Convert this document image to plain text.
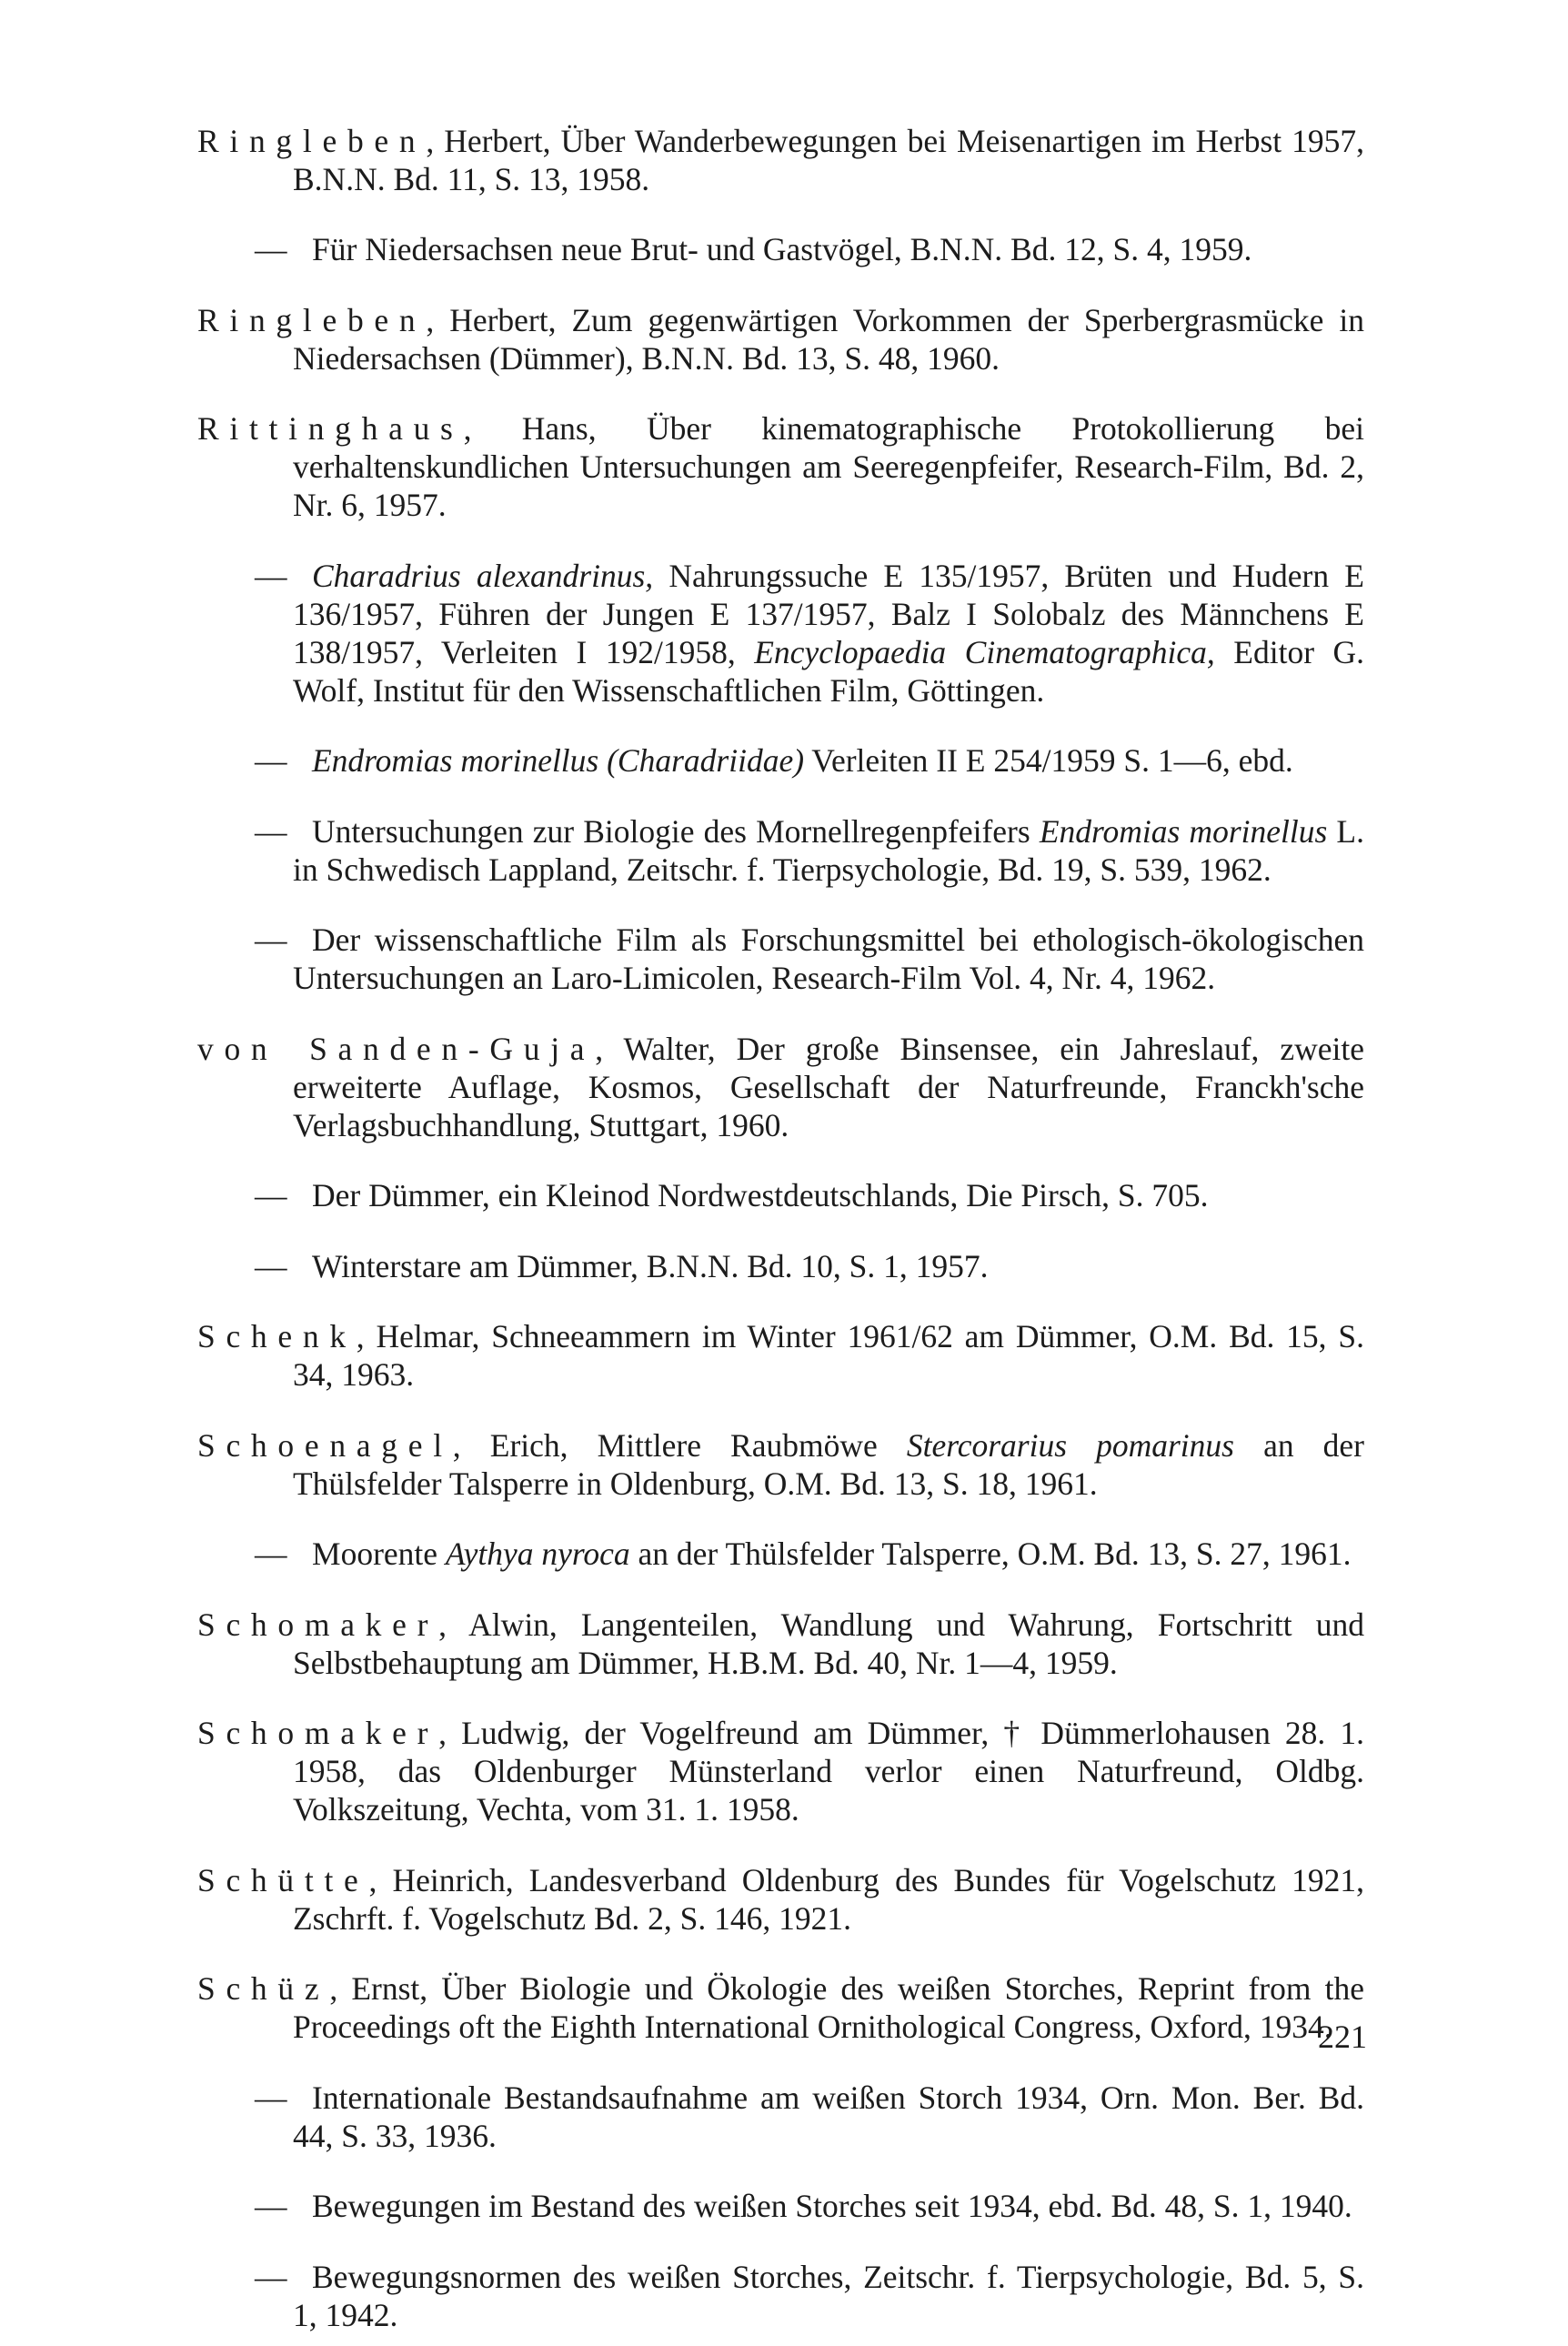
Ringleben, Herbert, Über Wanderbewegungen bei Meisenartigen im Herbst 1957, B.N.N. Bd. 11, S. 13, 1958.

— Für Niedersachsen neue Brut- und Gastvögel, B.N.N. Bd. 12, S. 4, 1959.

Ringleben, Herbert, Zum gegenwärtigen Vorkommen der Sperbergrasmücke in Niedersachsen (Dümmer), B.N.N. Bd. 13, S. 48, 1960.

Rittinghaus, Hans, Über kinematographische Protokollierung bei verhaltenskundlichen Untersuchungen am Seeregenpfeifer, Research-Film, Bd. 2, Nr. 6, 1957.

— Charadrius alexandrinus, Nahrungssuche E 135/1957, Brüten und Hudern E 136/1957, Führen der Jungen E 137/1957, Balz I Solobalz des Männchens E 138/1957, Verleiten I 192/1958, Encyclopaedia Cinematographica, Editor G. Wolf, Institut für den Wissenschaftlichen Film, Göttingen.

— Endromias morinellus (Charadriidae) Verleiten II E 254/1959 S. 1—6, ebd.

— Untersuchungen zur Biologie des Mornellregenpfeifers Endromias morinellus L. in Schwedisch Lappland, Zeitschr. f. Tierpsychologie, Bd. 19, S. 539, 1962.

— Der wissenschaftliche Film als Forschungsmittel bei ethologisch-ökologischen Untersuchungen an Laro-Limicolen, Research-Film Vol. 4, Nr. 4, 1962.

von Sanden-Guja, Walter, Der große Binsensee, ein Jahreslauf, zweite erweiterte Auflage, Kosmos, Gesellschaft der Naturfreunde, Franckh'sche Verlagsbuchhandlung, Stuttgart, 1960.

— Der Dümmer, ein Kleinod Nordwestdeutschlands, Die Pirsch, S. 705.

— Winterstare am Dümmer, B.N.N. Bd. 10, S. 1, 1957.

Schenk, Helmar, Schneeammern im Winter 1961/62 am Dümmer, O.M. Bd. 15, S. 34, 1963.

Schoenagel, Erich, Mittlere Raubmöwe Stercorarius pomarinus an der Thülsfelder Talsperre in Oldenburg, O.M. Bd. 13, S. 18, 1961.

— Moorente Aythya nyroca an der Thülsfelder Talsperre, O.M. Bd. 13, S. 27, 1961.

Schomaker, Alwin, Langenteilen, Wandlung und Wahrung, Fortschritt und Selbstbehauptung am Dümmer, H.B.M. Bd. 40, Nr. 1—4, 1959.

Schomaker, Ludwig, der Vogelfreund am Dümmer, † Dümmerlohausen 28. 1. 1958, das Oldenburger Münsterland verlor einen Naturfreund, Oldbg. Volkszeitung, Vechta, vom 31. 1. 1958.

Schütte, Heinrich, Landesverband Oldenburg des Bundes für Vogelschutz 1921, Zschrft. f. Vogelschutz Bd. 2, S. 146, 1921.

Schüz, Ernst, Über Biologie und Ökologie des weißen Storches, Reprint from the Proceedings oft the Eighth International Ornithological Congress, Oxford, 1934.

— Internationale Bestandsaufnahme am weißen Storch 1934, Orn. Mon. Ber. Bd. 44, S. 33, 1936.

— Bewegungen im Bestand des weißen Storches seit 1934, ebd. Bd. 48, S. 1, 1940.

— Bewegungsnormen des weißen Storches, Zeitschr. f. Tierpsychologie, Bd. 5, S. 1, 1942.

221
